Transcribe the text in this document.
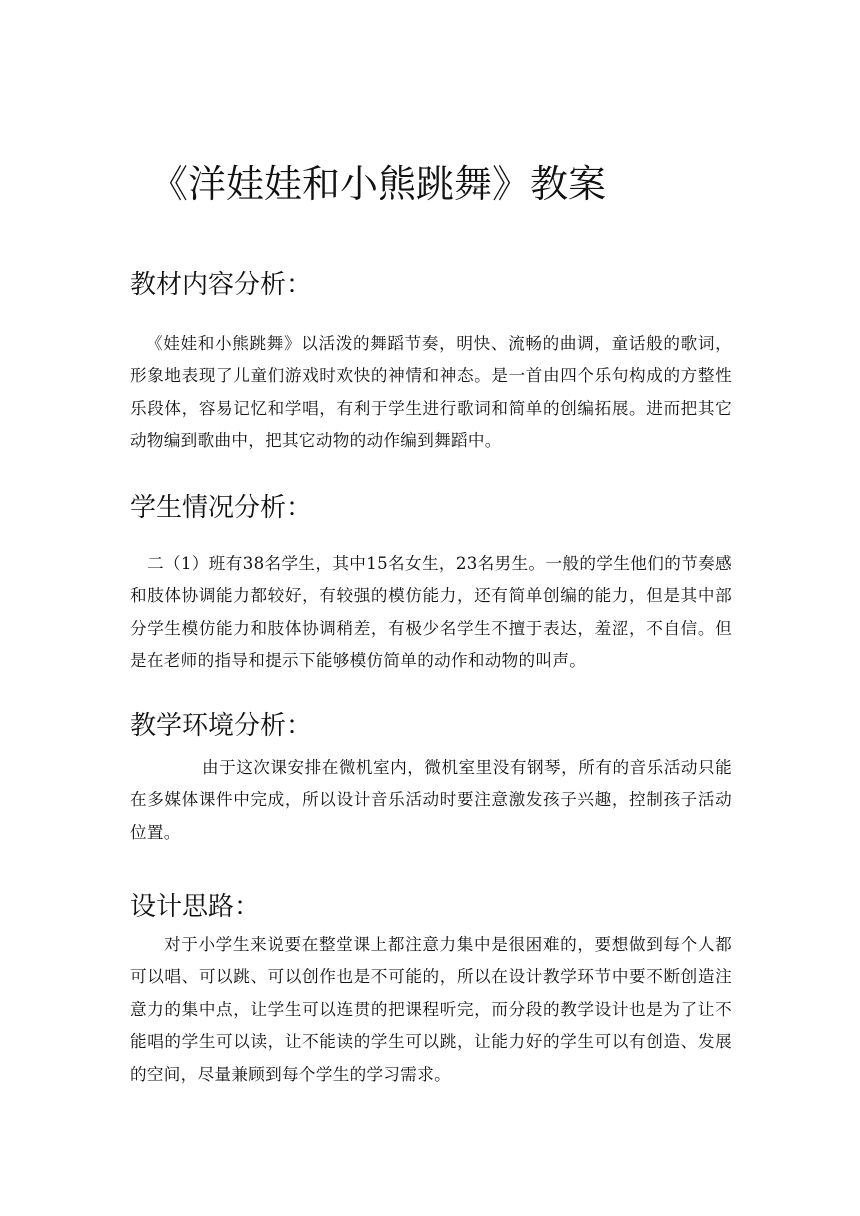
《洋娃娃和小熊跳舞》教案
教材内容分析：

《娃娃和小熊跳舞》以活泼的舞蹈节奏，明快、流畅的曲调，童话般的歌词，形象地表现了儿童们游戏时欢快的神情和神态。是一首由四个乐句构成的方整性乐段体，容易记忆和学唱，有利于学生进行歌词和简单的创编拓展。进而把其它动物编到歌曲中，把其它动物的动作编到舞蹈中。

学生情况分析：

二（1）班有38名学生，其中15名女生，23名男生。一般的学生他们的节奏感和肢体协调能力都较好，有较强的模仿能力，还有简单创编的能力，但是其中部分学生模仿能力和肢体协调稍差，有极少名学生不擅于表达，羞涩，不自信。但是在老师的指导和提示下能够模仿简单的动作和动物的叫声。

教学环境分析：

由于这次课安排在微机室内，微机室里没有钢琴，所有的音乐活动只能在多媒体课件中完成，所以设计音乐活动时要注意激发孩子兴趣，控制孩子活动位置。

设计思路：

对于小学生来说要在整堂课上都注意力集中是很困难的，要想做到每个人都可以唱、可以跳、可以创作也是不可能的，所以在设计教学环节中要不断创造注意力的集中点，让学生可以连贯的把课程听完，而分段的教学设计也是为了让不能唱的学生可以读，让不能读的学生可以跳，让能力好的学生可以有创造、发展的空间，尽量兼顾到每个学生的学习需求。
